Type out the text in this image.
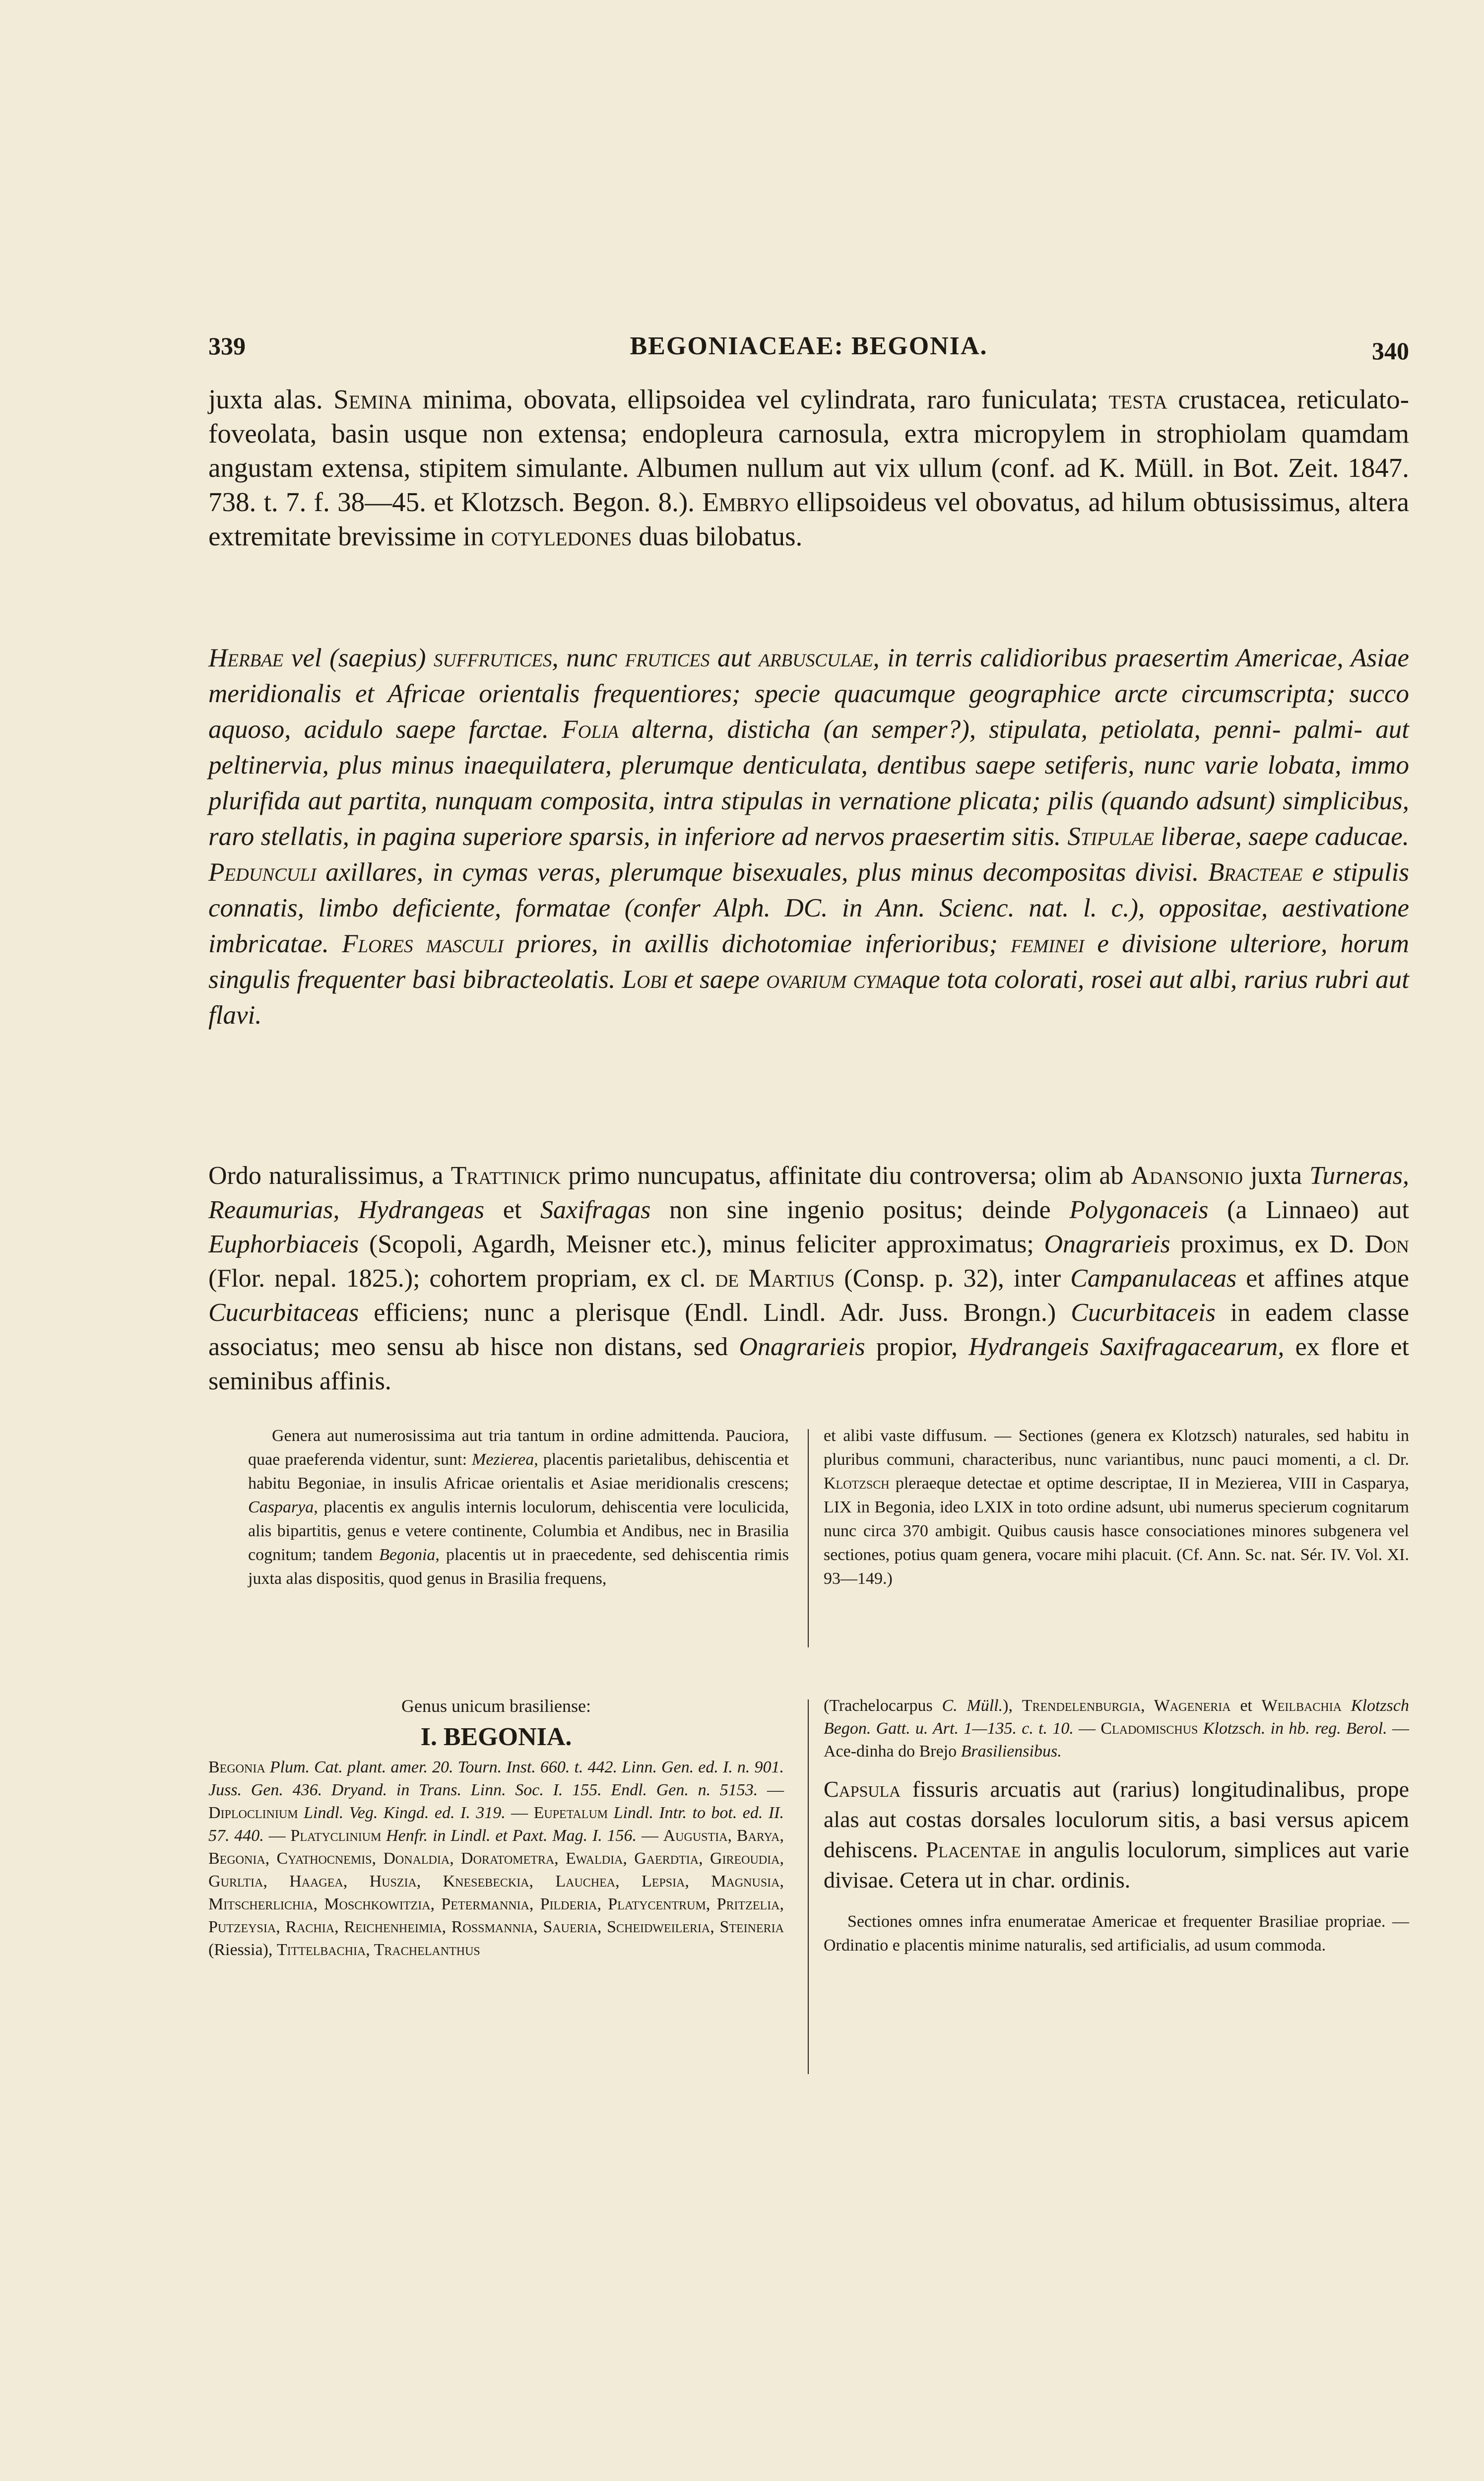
339	BEGONIACEAE: BEGONIA.	340
juxta alas. Semina minima, obovata, ellipsoidea vel cylindrata, raro funiculata; testa crustacea, reticulato-foveolata, basin usque non extensa; endopleura carnosula, extra micropylem in strophiolam quamdam angustam extensa, stipitem simulante. Albumen nullum aut vix ullum (conf. ad K. Müll. in Bot. Zeit. 1847. 738. t. 7. f. 38—45. et Klotzsch. Begon. 8.). Embryo ellipsoideus vel obovatus, ad hilum obtusissimus, altera extremitate brevissime in cotyledones duas bilobatus.
Herbae vel (saepius) suffrutices, nunc frutices aut arbusculae, in terris calidioribus praesertim Americae, Asiae meridionalis et Africae orientalis frequentiores; specie quacumque geographice arcte circumscripta; succo aquoso, acidulo saepe farctae. Folia alterna, disticha (an semper?), stipulata, petiolata, penni- palmi- aut peltinervia, plus minus inaequilatera, plerumque denticulata, dentibus saepe setiferis, nunc varie lobata, immo plurifida aut partita, nunquam composita, intra stipulas in vernatione plicata; pilis (quando adsunt) simplicibus, raro stellatis, in pagina superiore sparsis, in inferiore ad nervos praesertim sitis. Stipulae liberae, saepe caducae. Pedunculi axillares, in cymas veras, plerumque bisexuales, plus minus decompositas divisi. Bracteae e stipulis connatis, limbo deficiente, formatae (confer Alph. DC. in Ann. Scienc. nat. l. c.), oppositae, aestivatione imbricatae. Flores masculi priores, in axillis dichotomiae inferioribus; feminei e divisione ulteriore, horum singulis frequenter basi bibracteolatis. Lobi et saepe ovarium cymaque tota colorati, rosei aut albi, rarius rubri aut flavi.
Ordo naturalissimus, a Trattinick primo nuncupatus, affinitate diu controversa; olim ab Adansonio juxta Turneras, Reaumurias, Hydrangeas et Saxifragas non sine ingenio positus; deinde Polygonaceis (a Linnaeo) aut Euphorbiaceis (Scopoli, Agardh, Meisner etc.), minus feliciter approximatus; Onagrarieis proximus, ex D. Don (Flor. nepal. 1825.); cohortem propriam, ex cl. de Martius (Consp. p. 32), inter Campanulaceas et affines atque Cucurbitaceas efficiens; nunc a plerisque (Endl. Lindl. Adr. Juss. Brongn.) Cucurbitaceis in eadem classe associatus; meo sensu ab hisce non distans, sed Onagrarieis propior, Hydrangeis Saxifragacearum, ex flore et seminibus affinis.
Genera aut numerosissima aut tria tantum in ordine admittenda. Pauciora, quae praeferenda videntur, sunt: Mezierea, placentis parietalibus, dehiscentia et habitu Begoniae, in insulis Africae orientalis et Asiae meridionalis crescens; Casparya, placentis ex angulis internis loculorum, dehiscentia vere loculicida, alis bipartitis, genus e vetere continente, Columbia et Andibus, nec in Brasilia cognitum; tandem Begonia, placentis ut in praecedente, sed dehiscentia rimis juxta alas dispositis, quod genus in Brasilia frequens,
et alibi vaste diffusum. — Sectiones (genera ex Klotzsch) naturales, sed habitu in pluribus communi, characteribus, nunc variantibus, nunc pauci momenti, a cl. Dr. Klotzsch pleraeque detectae et optime descriptae, II in Mezierea, VIII in Casparya, LIX in Begonia, ideo LXIX in toto ordine adsunt, ubi numerus specierum cognitarum nunc circa 370 ambigit. Quibus causis hasce consociationes minores subgenera vel sectiones, potius quam genera, vocare mihi placuit. (Cf. Ann. Sc. nat. Sér. IV. Vol. XI. 93—149.)
Genus unicum brasiliense:
I. BEGONIA.
Begonia Plum. Cat. plant. amer. 20. Tourn. Inst. 660. t. 442. Linn. Gen. ed. I. n. 901. Juss. Gen. 436. Dryand. in Trans. Linn. Soc. I. 155. Endl. Gen. n. 5153. — Diploclinium Lindl. Veg. Kingd. ed. I. 319. — Eupetalum Lindl. Intr. to bot. ed. II. 57. 440. — Platyclinium Henfr. in Lindl. et Paxt. Mag. I. 156. — Augustia, Barya, Begonia, Cyathocnemis, Donaldia, Doratometra, Ewaldia, Gaerdtia, Gireoudia, Gurltia, Haagea, Huszia, Knesebeckia, Lauchea, Lepsia, Magnusia, Mitscherlichia, Moschkowitzia, Petermannia, Pilderia, Platycentrum, Pritzelia, Putzeysia, Rachia, Reichenheimia, Rossmannia, Saueria, Scheidweileria, Steineria (Riessia), Tittelbachia, Trachelanthus
(Trachelocarpus C. Müll.), Trendelenburgia, Wageneria et Weilbachia Klotzsch Begon. Gatt. u. Art. 1—135. c. t. 10. — Cladomischus Klotzsch. in hb. reg. Berol. — Ace-dinha do Brejo Brasiliensibus.
Capsula fissuris arcuatis aut (rarius) longitudinalibus, prope alas aut costas dorsales loculorum sitis, a basi versus apicem dehiscens. Placentae in angulis loculorum, simplices aut varie divisae. Cetera ut in char. ordinis.
Sectiones omnes infra enumeratae Americae et frequenter Brasiliae propriae. — Ordinatio e placentis minime naturalis, sed artificialis, ad usum commoda.
